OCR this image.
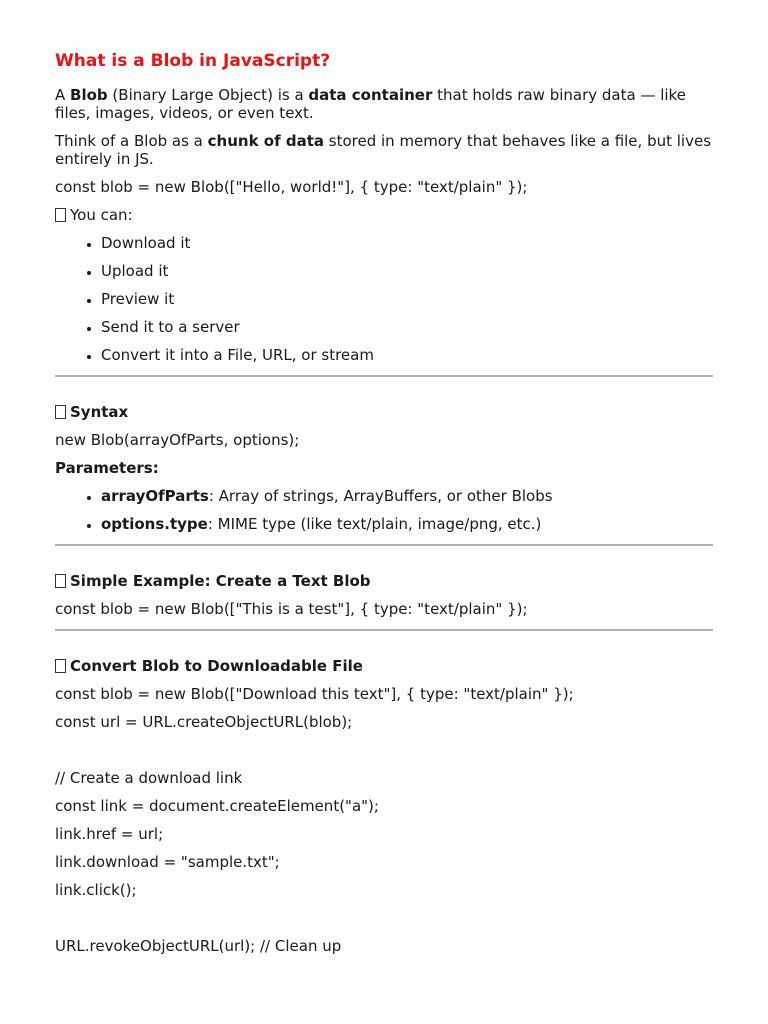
What is a Blob in JavaScript?

A Blob (Binary Large Object) is a data container that holds raw binary data — like files, images, videos, or even text.

Think of a Blob as a chunk of data stored in memory that behaves like a file, but lives entirely in JS.

const blob = new Blob(["Hello, world!"], { type: "text/plain" });

You can:

• Download it
• Upload it
• Preview it
• Send it to a server
• Convert it into a File, URL, or stream

Syntax

new Blob(arrayOfParts, options);

Parameters:

• arrayOfParts: Array of strings, ArrayBuffers, or other Blobs
• options.type: MIME type (like text/plain, image/png, etc.)

Simple Example: Create a Text Blob

const blob = new Blob(["This is a test"], { type: "text/plain" });

Convert Blob to Downloadable File

const blob = new Blob(["Download this text"], { type: "text/plain" });

const url = URL.createObjectURL(blob);

// Create a download link

const link = document.createElement("a");

link.href = url;

link.download = "sample.txt";

link.click();

URL.revokeObjectURL(url); // Clean up
